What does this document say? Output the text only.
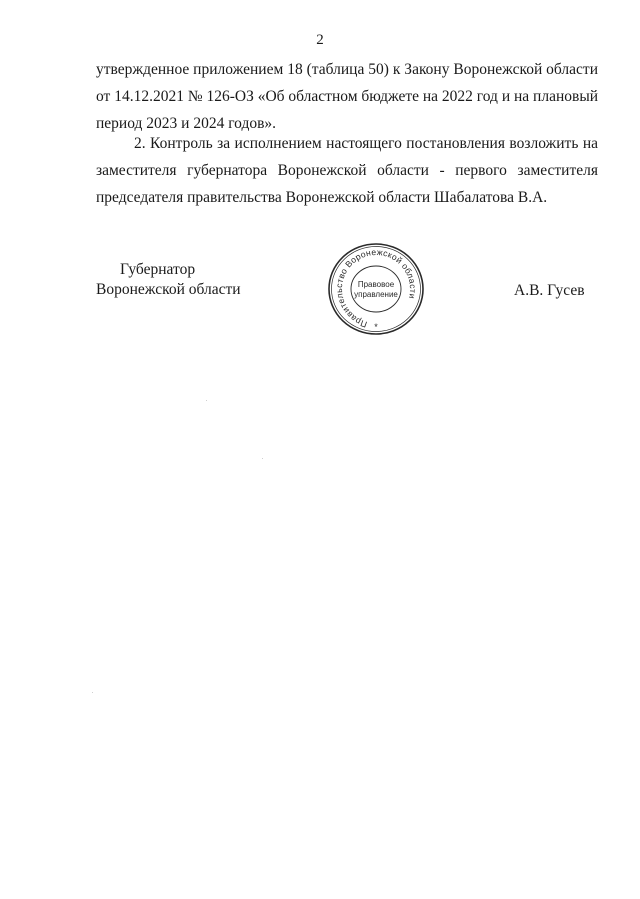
2
утвержденное приложением 18 (таблица 50) к Закону Воронежской области
от 14.12.2021 № 126-ОЗ «Об областном бюджете на 2022 год и на плановый
период 2023 и 2024 годов».
2. Контроль за исполнением настоящего постановления возложить на
заместителя губернатора Воронежской области - первого заместителя
председателя правительства Воронежской области Шабалатова В.А.
Губернатор
Воронежской области
Правительство Воронежской области
Правовое
управление
*
А.В. Гусев
